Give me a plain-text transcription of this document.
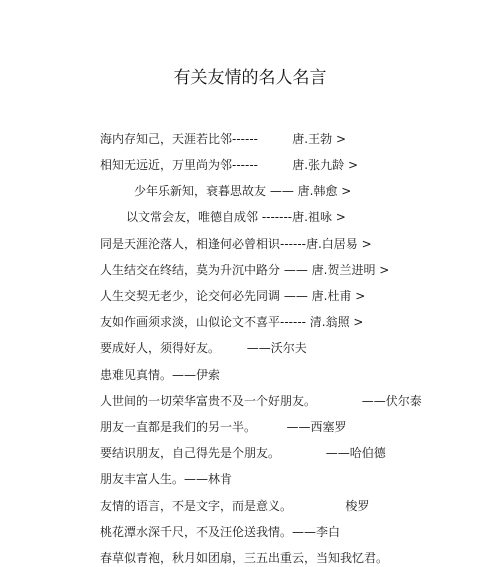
有关友情的名人名言
海内存知己，天涯若比邻------         唐.王勃 >
相知无远近，万里尚为邻------         唐.张九龄 >
少年乐新知，衰暮思故友 —— 唐.韩愈 >
以文常会友，唯德自成邻 -------唐.祖咏 >
同是天涯沦落人，相逢何必曾相识------唐.白居易 >
人生结交在终结，莫为升沉中路分 —— 唐.贺兰进明 >
人生交契无老少，论交何必先同调 —— 唐.杜甫 >
友如作画须求淡，山似论文不喜平------ 清.翁照 >
要成好人，须得好友。       ——沃尔夫
患难见真情。——伊索
人世间的一切荣华富贵不及一个好朋友。            ——伏尔泰
朋友一直都是我们的另一半。        ——西塞罗
要结识朋友，自己得先是个朋友。            ——哈伯德
朋友丰富人生。——林肯
友情的语言，不是文字，而是意义。              梭罗
桃花潭水深千尺，不及汪伦送我情。——李白
春草似青袍，秋月如团扇，三五出重云，当知我忆君。
